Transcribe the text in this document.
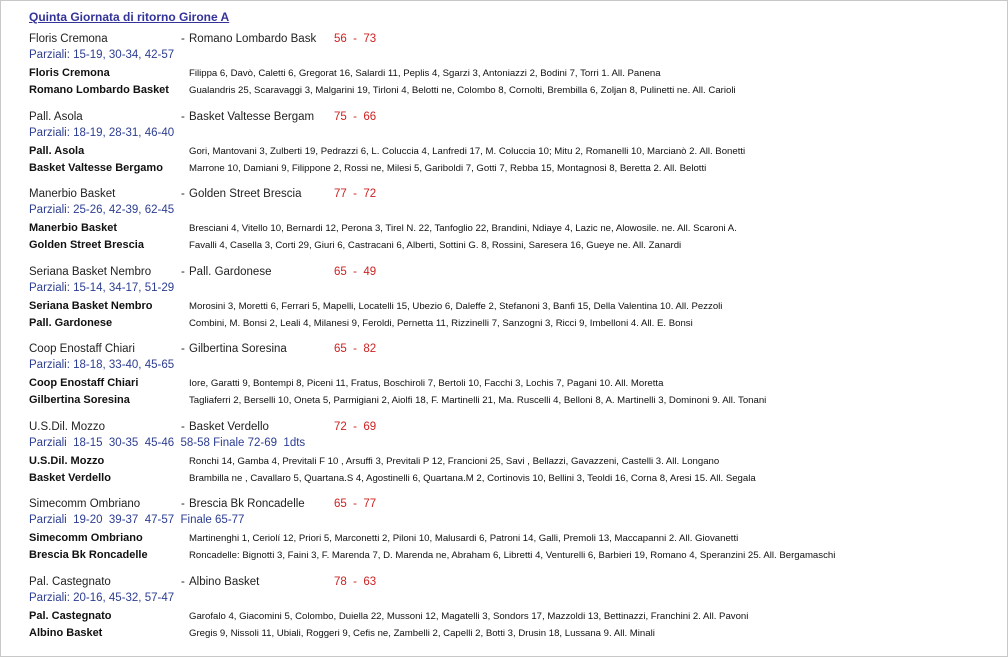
Quinta Giornata di ritorno Girone A
Floris Cremona	- Romano Lombardo Bask 56  -  73
Parziali: 15-19, 30-34, 42-57
Floris Cremona	Filippa 6, Davò, Caletti 6, Gregorat 16, Salardi 11, Peplis 4, Sgarzi 3, Antoniazzi 2, Bodini 7, Torri 1. All. Panena
Romano Lombardo Basket Gualandris 25, Scaravaggi 3, Malgarini 19, Tirloni 4, Belotti ne, Colombo 8, Cornolti, Brembilla 6, Zoljan 8, Pulinetti ne. All. Carioli
Pall. Asola	- Basket Valtesse Bergam 75  -  66
Parziali: 18-19, 28-31, 46-40
Pall. Asola	Gori, Mantovani 3, Zulberti 19, Pedrazzi 6, L. Coluccia 4, Lanfredi 17, M. Coluccia 10; Mitu 2, Romanelli 10, Marcianò 2. All. Bonetti
Basket Valtesse Bergamo	Marrone 10, Damiani 9, Filippone 2, Rossi ne, Milesi 5, Gariboldi 7, Gotti 7, Rebba 15, Montagnosi 8, Beretta 2. All. Belotti
Manerbio Basket	- Golden Street Brescia	77  -  72
Parziali: 25-26, 42-39, 62-45
Manerbio Basket	Bresciani 4, Vitello 10, Bernardi 12, Perona 3, Tirel N. 22, Tanfoglio 22, Brandini, Ndiaye 4, Lazic ne, Alowosile. ne. All. Scaroni A.
Golden Street Brescia	Favalli 4, Casella 3, Corti 29, Giuri 6, Castracani 6, Alberti, Sottini G. 8, Rossini, Saresera 16, Gueye ne. All. Zanardi
Seriana Basket Nembro	- Pall. Gardonese	65  -  49
Parziali: 15-14, 34-17, 51-29
Seriana Basket Nembro	Morosini 3, Moretti 6, Ferrari 5, Mapelli, Locatelli 15, Ubezio 6, Daleffe 2, Stefanoni 3, Banfi 15, Della Valentina 10. All. Pezzoli
Pall. Gardonese	Combini, M. Bonsi 2, Leali 4, Milanesi 9, Feroldi, Pernetta 11, Rizzinelli 7, Sanzogni 3, Ricci 9, Imbelloni 4. All. E. Bonsi
Coop Enostaff Chiari	- Gilbertina Soresina	65  -  82
Parziali: 18-18, 33-40, 45-65
Coop Enostaff Chiari	Iore, Garatti 9, Bontempi 8, Piceni 11, Fratus, Boschiroli 7, Bertoli 10, Facchi 3, Lochis 7, Pagani 10. All. Moretta
Gilbertina Soresina	Tagliaferri 2, Berselli 10, Oneta 5, Parmigiani 2, Aiolfi 18, F. Martinelli 21, Ma. Ruscelli 4, Belloni 8, A. Martinelli 3, Dominoni 9. All. Tonani
U.S.Dil. Mozzo	- Basket Verdello	72  -  69
Parziali  18-15  30-35  45-46  58-58 Finale 72-69  1dts
U.S.Dil. Mozzo	Ronchi 14, Gamba 4, Previtali F 10 , Arsuffi 3, Previtali P 12, Francioni 25, Savi , Bellazzi, Gavazzeni, Castelli 3. All. Longano
Basket Verdello	Brambilla ne , Cavallaro 5, Quartana.S 4, Agostinelli 6, Quartana.M 2, Cortinovis 10, Bellini 3, Teoldi 16, Corna 8, Aresi 15. All. Segala
Simecomm Ombriano	- Brescia Bk Roncadelle	65  -  77
Parziali  19-20  39-37  47-57  Finale 65-77
Simecomm Ombriano	Martinenghi 1, Ceriolí 12, Priori 5, Marconetti 2, Piloni 10, Malusardi 6, Patroni 14, Galli, Premoli 13, Maccapanni 2. All. Giovanetti
Brescia Bk Roncadelle	Roncadelle: Bignotti 3, Faini 3, F. Marenda 7, D. Marenda ne, Abraham 6, Libretti 4, Venturelli 6, Barbieri 19, Romano 4, Speranzini 25. All. Bergamaschi
Pal. Castegnato	- Albino Basket	78  -  63
Parziali: 20-16, 45-32, 57-47
Pal. Castegnato	Garofalo 4, Giacomini 5, Colombo, Duiella 22, Mussoni 12, Magatelli 3, Sondors 17, Mazzoldi 13, Bettinazzi, Franchini 2. All. Pavoni
Albino Basket	Gregis 9, Nissoli 11, Ubiali, Roggeri 9, Cefis ne, Zambelli 2, Capelli 2, Botti 3, Drusin 18, Lussana 9. All. Minali
